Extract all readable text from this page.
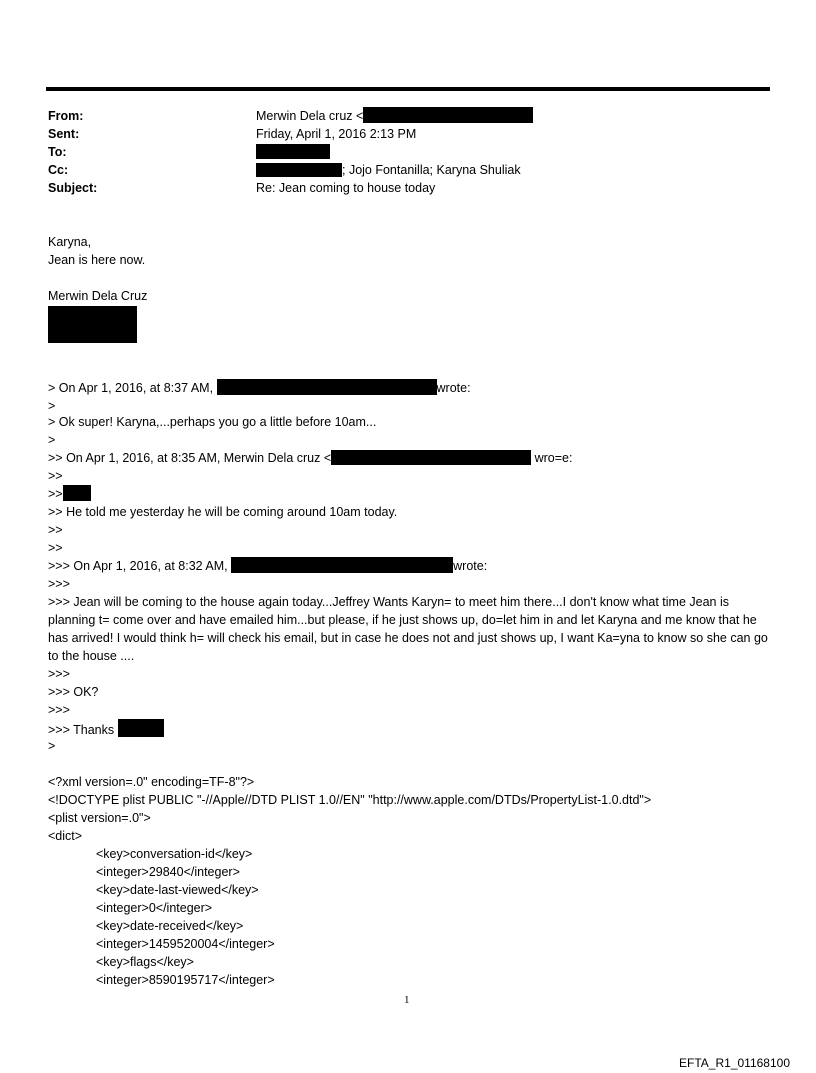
From:	Merwin Dela cruz <
Sent:	Friday, April 1, 2016 2:13 PM
To:
Cc:	; Jojo Fontanilla; Karyna Shuliak
Subject:	Re: Jean coming to house today
Karyna,
Jean is here now.
Merwin Dela Cruz
> On Apr 1, 2016, at 8:37 AM,	wrote:
>
> Ok super! Karyna,...perhaps you go a little before 10am...
>
>> On Apr 1, 2016, at 8:35 AM, Merwin Dela cruz <	wro=e:
>>
>>
>> He told me yesterday he will be coming around 10am today.
>>
>>
>>> On Apr 1, 2016, at 8:32 AM,	wrote:
>>>
>>> Jean will be coming to the house again today...Jeffrey Wants Karyn= to meet him there...I don't know what time Jean is planning t= come over and have emailed him...but please, if he just shows up, do=let him in and let Karyna and me know that he has arrived! I would think h= will check his email, but in case he does not and just shows up, I want Ka=yna to know so she can go to the house ....
>>>
>>> OK?
>>>
>>> Thanks
>
<?xml version=.0" encoding=TF-8"?>
<!DOCTYPE plist PUBLIC "-//Apple//DTD PLIST 1.0//EN" "http://www.apple.com/DTDs/PropertyList-1.0.dtd">
<plist version=.0">
<dict>
<key>conversation-id</key>
<integer>29840</integer>
<key>date-last-viewed</key>
<integer>0</integer>
<key>date-received</key>
<integer>1459520004</integer>
<key>flags</key>
<integer>8590195717</integer>
1
EFTA_R1_01168100
